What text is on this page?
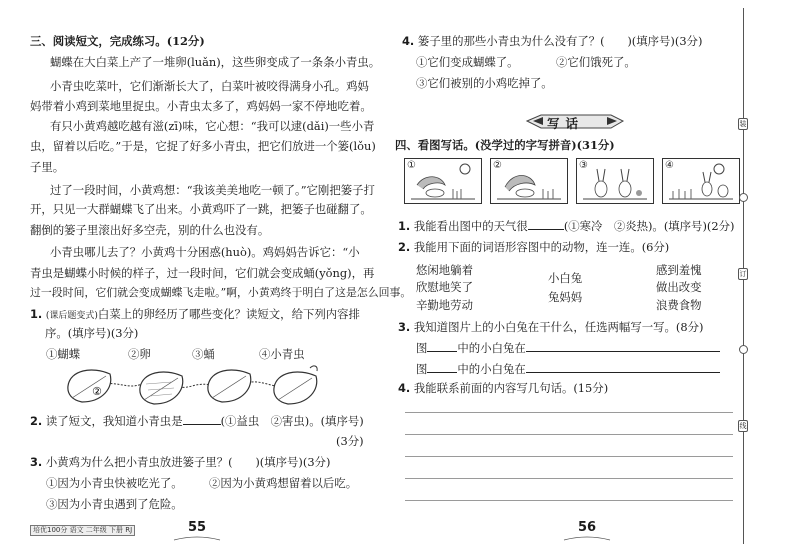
三、阅读短文，完成练习。(12分)
蝴蝶在大白菜上产了一堆卵(luǎn)，这些卵变成了一条条小青虫。
小青虫吃菜叶，它们渐渐长大了，白菜叶被咬得满身小孔。鸡妈
妈带着小鸡到菜地里捉虫。小青虫太多了，鸡妈妈一家不停地吃着。
有只小黄鸡越吃越有滋(zī)味，它心想：“我可以逮(dǎi)一些小青
虫，留着以后吃。”于是，它捉了好多小青虫，把它们放进一个篓(lǒu)
子里。
过了一段时间，小黄鸡想：“我该美美地吃一顿了。”它刚把篓子打
开，只见一大群蝴蝶飞了出来。小黄鸡吓了一跳，把篓子也碰翻了。
翻倒的篓子里滚出好多空壳，别的什么也没有。
小青虫哪儿去了？小黄鸡十分困惑(huò)。鸡妈妈告诉它：“小
青虫是蝴蝶小时候的样子，过一段时间，它们就会变成蛹(yǒng)，再
过一段时间，它们就会变成蝴蝶飞走啦。”啊，小黄鸡终于明白了这是怎么回事。
1. (课后题变式)白菜上的卵经历了哪些变化？读短文，给下列内容排
序。(填序号)(3分)
①蝴蝶	②卵	③蛹	④小青虫
②
2. 读了短文，我知道小青虫是	(①益虫　②害虫)。(填序号)
(3分)
3. 小黄鸡为什么把小青虫放进篓子里？(　　)(填序号)(3分)
①因为小青虫快被吃光了。 ②因为小黄鸡想留着以后吃。
③因为小青虫遇到了危险。
培优100分 语文 二年级 下册 RJ	55
4. 篓子里的那些小青虫为什么没有了？(　　)(填序号)(3分)
①它们变成蝴蝶了。	②它们饿死了。
③它们被别的小鸡吃掉了。
写话
四、看图写话。(没学过的字写拼音)(31分)
①	②	③	④
1. 我能看出图中的天气很	(①寒冷　②炎热)。(填序号)(2分)
2. 我能用下面的词语形容图中的动物，连一连。(6分)
悠闲地躺着
欣慰地笑了
辛勤地劳动
小白兔
兔妈妈
感到羞愧
做出改变
浪费食物
3. 我知道图片上的小白兔在干什么，任选两幅写一写。(8分)
图	中的小白兔在
图	中的小白兔在
4. 我能联系前面的内容写几句话。(15分)
56
装
订
线
